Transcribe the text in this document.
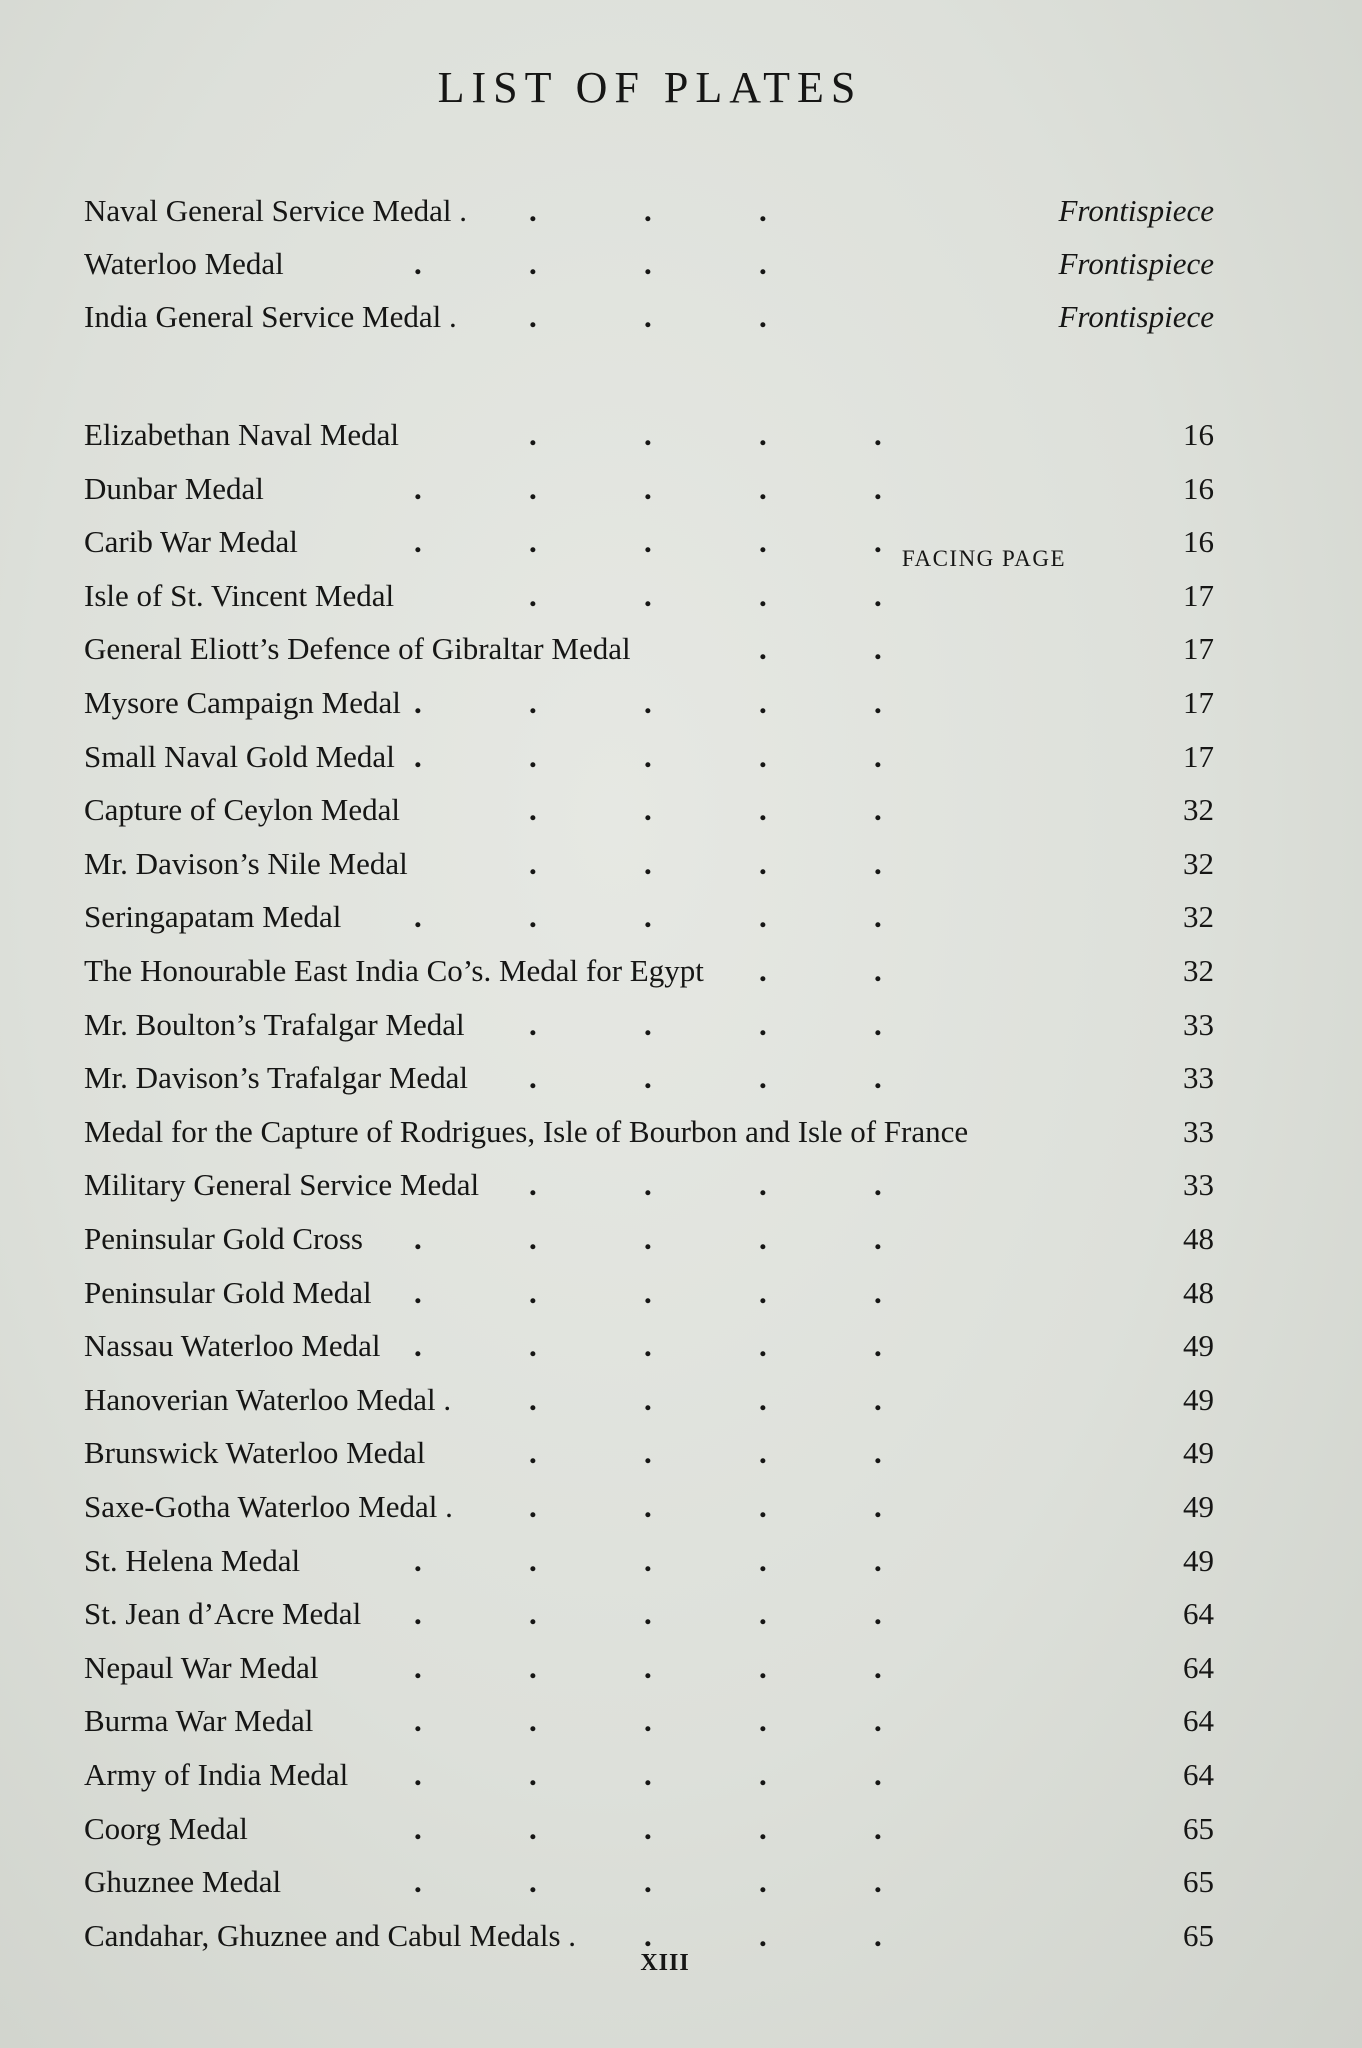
LIST OF PLATES
Naval General Service Medal .	Frontispiece
.	.	.
Waterloo Medal	Frontispiece
.	.	.	.
India General Service Medal .	Frontispiece
.	.	.
Elizabethan Naval Medal	16
.	.	.	.
Dunbar Medal	16
.	.	.	.	.
Carib War Medal	16
.	.	.	.	.
Isle of St. Vincent Medal	17
.	.	.	.
General Eliott’s Defence of Gibraltar Medal	17
.	.
Mysore Campaign Medal	17
.	.	.	.	.
Small Naval Gold Medal	17
.	.	.	.	.
Capture of Ceylon Medal	32
.	.	.	.
Mr. Davison’s Nile Medal	32
.	.	.	.
Seringapatam Medal	32
.	.	.	.	.
The Honourable East India Co’s. Medal for Egypt	32
.	.
Mr. Boulton’s Trafalgar Medal	33
.	.	.	.
Mr. Davison’s Trafalgar Medal	33
.	.	.	.
Medal for the Capture of Rodrigues, Isle of Bourbon and Isle of France	33
Military General Service Medal	33
.	.	.	.
Peninsular Gold Cross	48
.	.	.	.	.
Peninsular Gold Medal	48
.	.	.	.	.
Nassau Waterloo Medal	49
.	.	.	.	.
Hanoverian Waterloo Medal .	49
.	.	.	.
Brunswick Waterloo Medal	49
.	.	.	.
Saxe-Gotha Waterloo Medal .	49
.	.	.	.
St. Helena Medal	49
.	.	.	.	.
St. Jean d’Acre Medal	64
.	.	.	.	.
Nepaul War Medal	64
.	.	.	.	.
Burma War Medal	64
.	.	.	.	.
Army of India Medal	64
.	.	.	.	.
Coorg Medal	65
.	.	.	.	.
Ghuznee Medal	65
.	.	.	.	.
Candahar, Ghuznee and Cabul Medals .	65
.	.	.
FACING PAGE
XIII
